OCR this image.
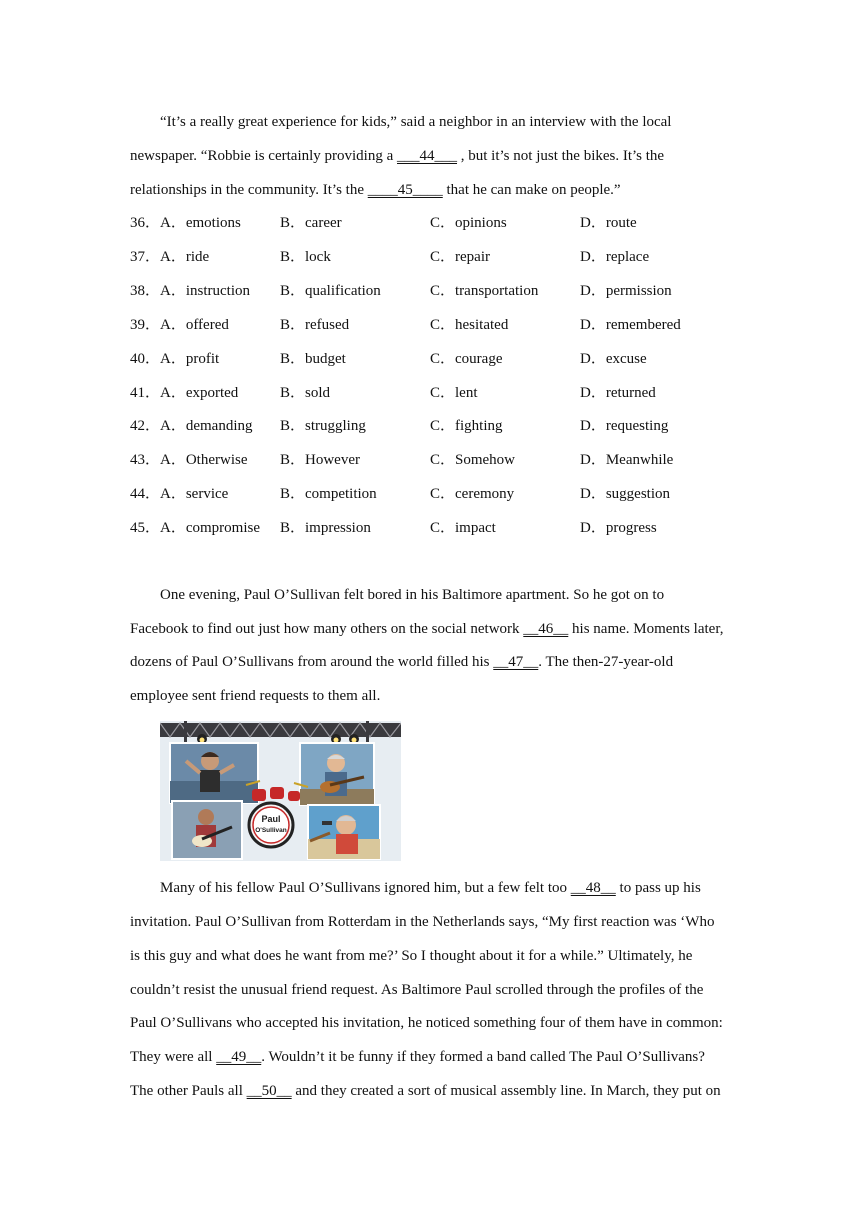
“It’s a really great experience for kids,” said a neighbor in an interview with the local
newspaper. “Robbie is certainly providing a ___44___ , but it’s not just the bikes. It’s the
relationships in the community. It’s the ____45____ that he can make on people.”
36． A．emotions	B．career	C．opinions	D．route
37． A．ride	B．lock	C．repair	D．replace
38． A．instruction B．qualification	C．transportation	D．permission
39． A．offered	B．refused	C．hesitated	D．remembered
40． A．profit	B．budget	C．courage	D．excuse
41． A．exported	B．sold	C．lent	D．returned
42． A．demanding B．struggling	C．fighting	D．requesting
43． A．Otherwise B．However	C．Somehow	D．Meanwhile
44． A．service	B．competition	C．ceremony	D．suggestion
45． A．compromise B．impression	C．impact	D．progress
One evening, Paul O’Sullivan felt bored in his Baltimore apartment. So he got on to
Facebook to find out just how many others on the social network __46__ his name. Moments later,
dozens of Paul O’Sullivans from around the world filled his __47__. The then-27-year-old
employee sent friend requests to them all.
Paul
O'Sullivan
Many of his fellow Paul O’Sullivans ignored him, but a few felt too __48__ to pass up his
invitation. Paul O’Sullivan from Rotterdam in the Netherlands says, “My first reaction was ‘Who
is this guy and what does he want from me?’ So I thought about it for a while.” Ultimately, he
couldn’t resist the unusual friend request. As Baltimore Paul scrolled through the profiles of the
Paul O’Sullivans who accepted his invitation, he noticed something four of them have in common:
They were all __49__. Wouldn’t it be funny if they formed a band called The Paul O’Sullivans?
The other Pauls all __50__ and they created a sort of musical assembly line. In March, they put on
